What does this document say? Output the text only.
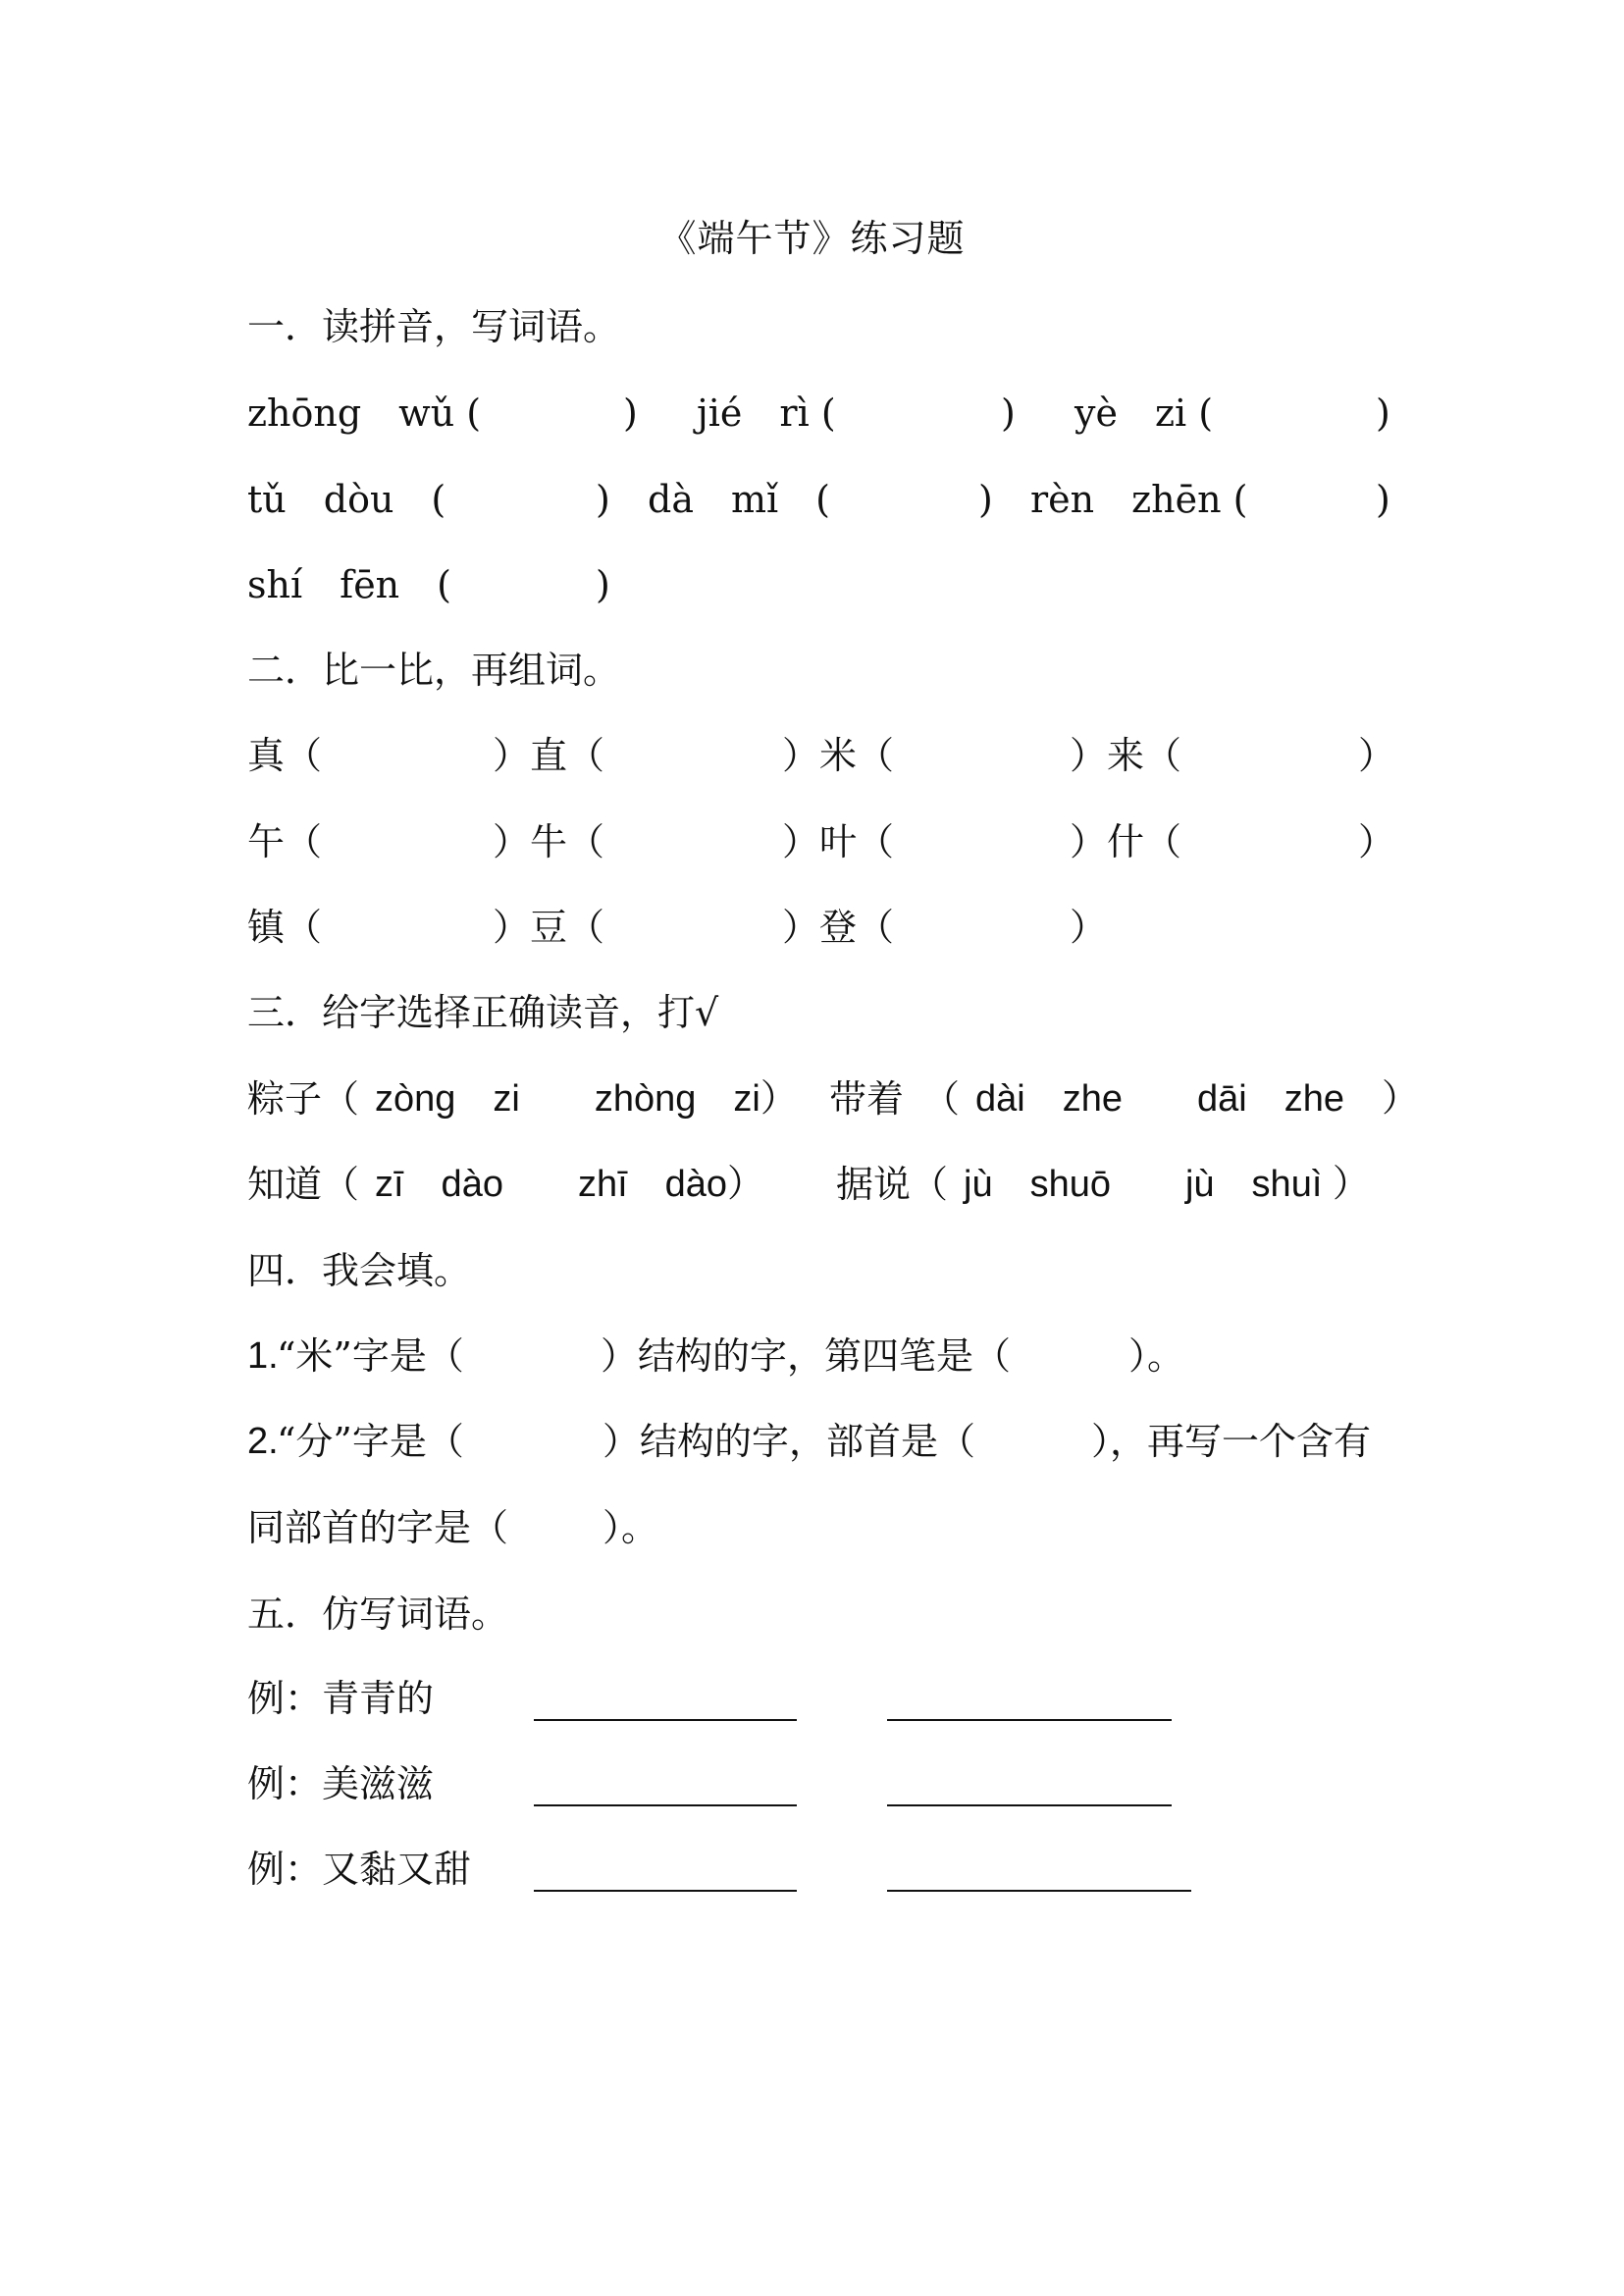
《端午节》练习题
一．读拼音，写词语。
zhōng　wǔ (	) jié　rì (	) yè　zi (	)
tǔ　dòu　(	) dà　mǐ　(	) rèn　zhēn (	)
shí　fēn　(	)
二．比一比，再组词。
真（	）直（	）米（	）来（	）
午（	）牛（	）叶（	）什（	）
镇（	）豆（	）登（	）
三．给字选择正确读音，打√
粽子（ zòng　zi　　zhòng　zi） 带着　（ dài　zhe　　dāi　zhe　）
知道（ zī　dào　　zhī　dào） 据说（ jù　shuō　　jù　shuì ）
四．我会填。
1.
“米”字是（	）结构的字，第四笔是（	）。
2.
“分”字是（	）结构的字，部首是（	），再写一个含有
同部首的字是（	）。
五．仿写词语。
例：青青的
例：美滋滋
例：又黏又甜
